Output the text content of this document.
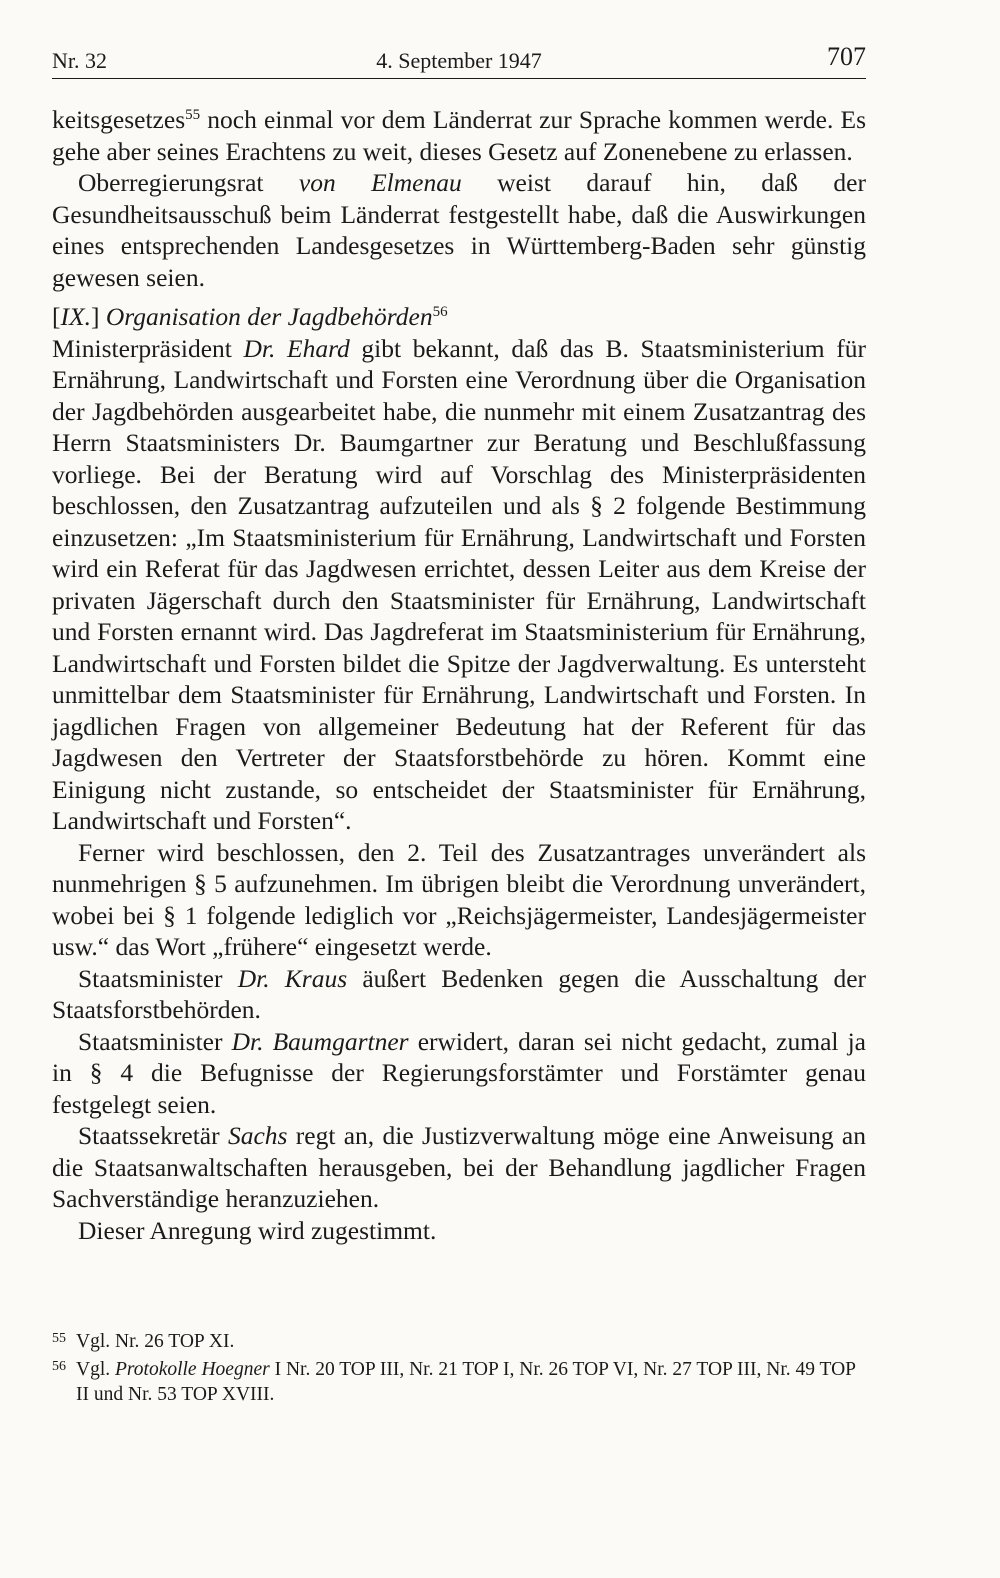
Nr. 32	4. September 1947	707

keitsgesetzes$^{55}$ noch einmal vor dem Länderrat zur Sprache kommen werde. Es gehe aber seines Erachtens zu weit, dieses Gesetz auf Zonenebene zu erlassen.

Oberregierungsrat von Elmenau weist darauf hin, daß der Gesundheitsausschuß beim Länderrat festgestellt habe, daß die Auswirkungen eines entsprechenden Landesgesetzes in Württemberg-Baden sehr günstig gewesen seien.

[IX.] Organisation der Jagdbehörden$^{56}$

Ministerpräsident Dr. Ehard gibt bekannt, daß das B. Staatsministerium für Ernährung, Landwirtschaft und Forsten eine Verordnung über die Organisation der Jagdbehörden ausgearbeitet habe, die nunmehr mit einem Zusatzantrag des Herrn Staatsministers Dr. Baumgartner zur Beratung und Beschlußfassung vorliege. Bei der Beratung wird auf Vorschlag des Ministerpräsidenten beschlossen, den Zusatzantrag aufzuteilen und als § 2 folgende Bestimmung einzusetzen: „Im Staatsministerium für Ernährung, Landwirtschaft und Forsten wird ein Referat für das Jagdwesen errichtet, dessen Leiter aus dem Kreise der privaten Jägerschaft durch den Staatsminister für Ernährung, Landwirtschaft und Forsten ernannt wird. Das Jagdreferat im Staatsministerium für Ernährung, Landwirtschaft und Forsten bildet die Spitze der Jagdverwaltung. Es untersteht unmittelbar dem Staatsminister für Ernährung, Landwirtschaft und Forsten. In jagdlichen Fragen von allgemeiner Bedeutung hat der Referent für das Jagdwesen den Vertreter der Staatsforstbehörde zu hören. Kommt eine Einigung nicht zustande, so entscheidet der Staatsminister für Ernährung, Landwirtschaft und Forsten“.

Ferner wird beschlossen, den 2. Teil des Zusatzantrages unverändert als nunmehrigen § 5 aufzunehmen. Im übrigen bleibt die Verordnung unverändert, wobei bei § 1 folgende lediglich vor „Reichsjägermeister, Landesjägermeister usw.“ das Wort „frühere“ eingesetzt werde.

Staatsminister Dr. Kraus äußert Bedenken gegen die Ausschaltung der Staatsforstbehörden.

Staatsminister Dr. Baumgartner erwidert, daran sei nicht gedacht, zumal ja in § 4 die Befugnisse der Regierungsforstämter und Forstämter genau festgelegt seien.

Staatssekretär Sachs regt an, die Justizverwaltung möge eine Anweisung an die Staatsanwaltschaften herausgeben, bei der Behandlung jagdlicher Fragen Sachverständige heranzuziehen.

Dieser Anregung wird zugestimmt.

55 Vgl. Nr. 26 TOP XI.

56 Vgl. Protokolle Hoegner I Nr. 20 TOP III, Nr. 21 TOP I, Nr. 26 TOP VI, Nr. 27 TOP III, Nr. 49 TOP II und Nr. 53 TOP XVIII.
